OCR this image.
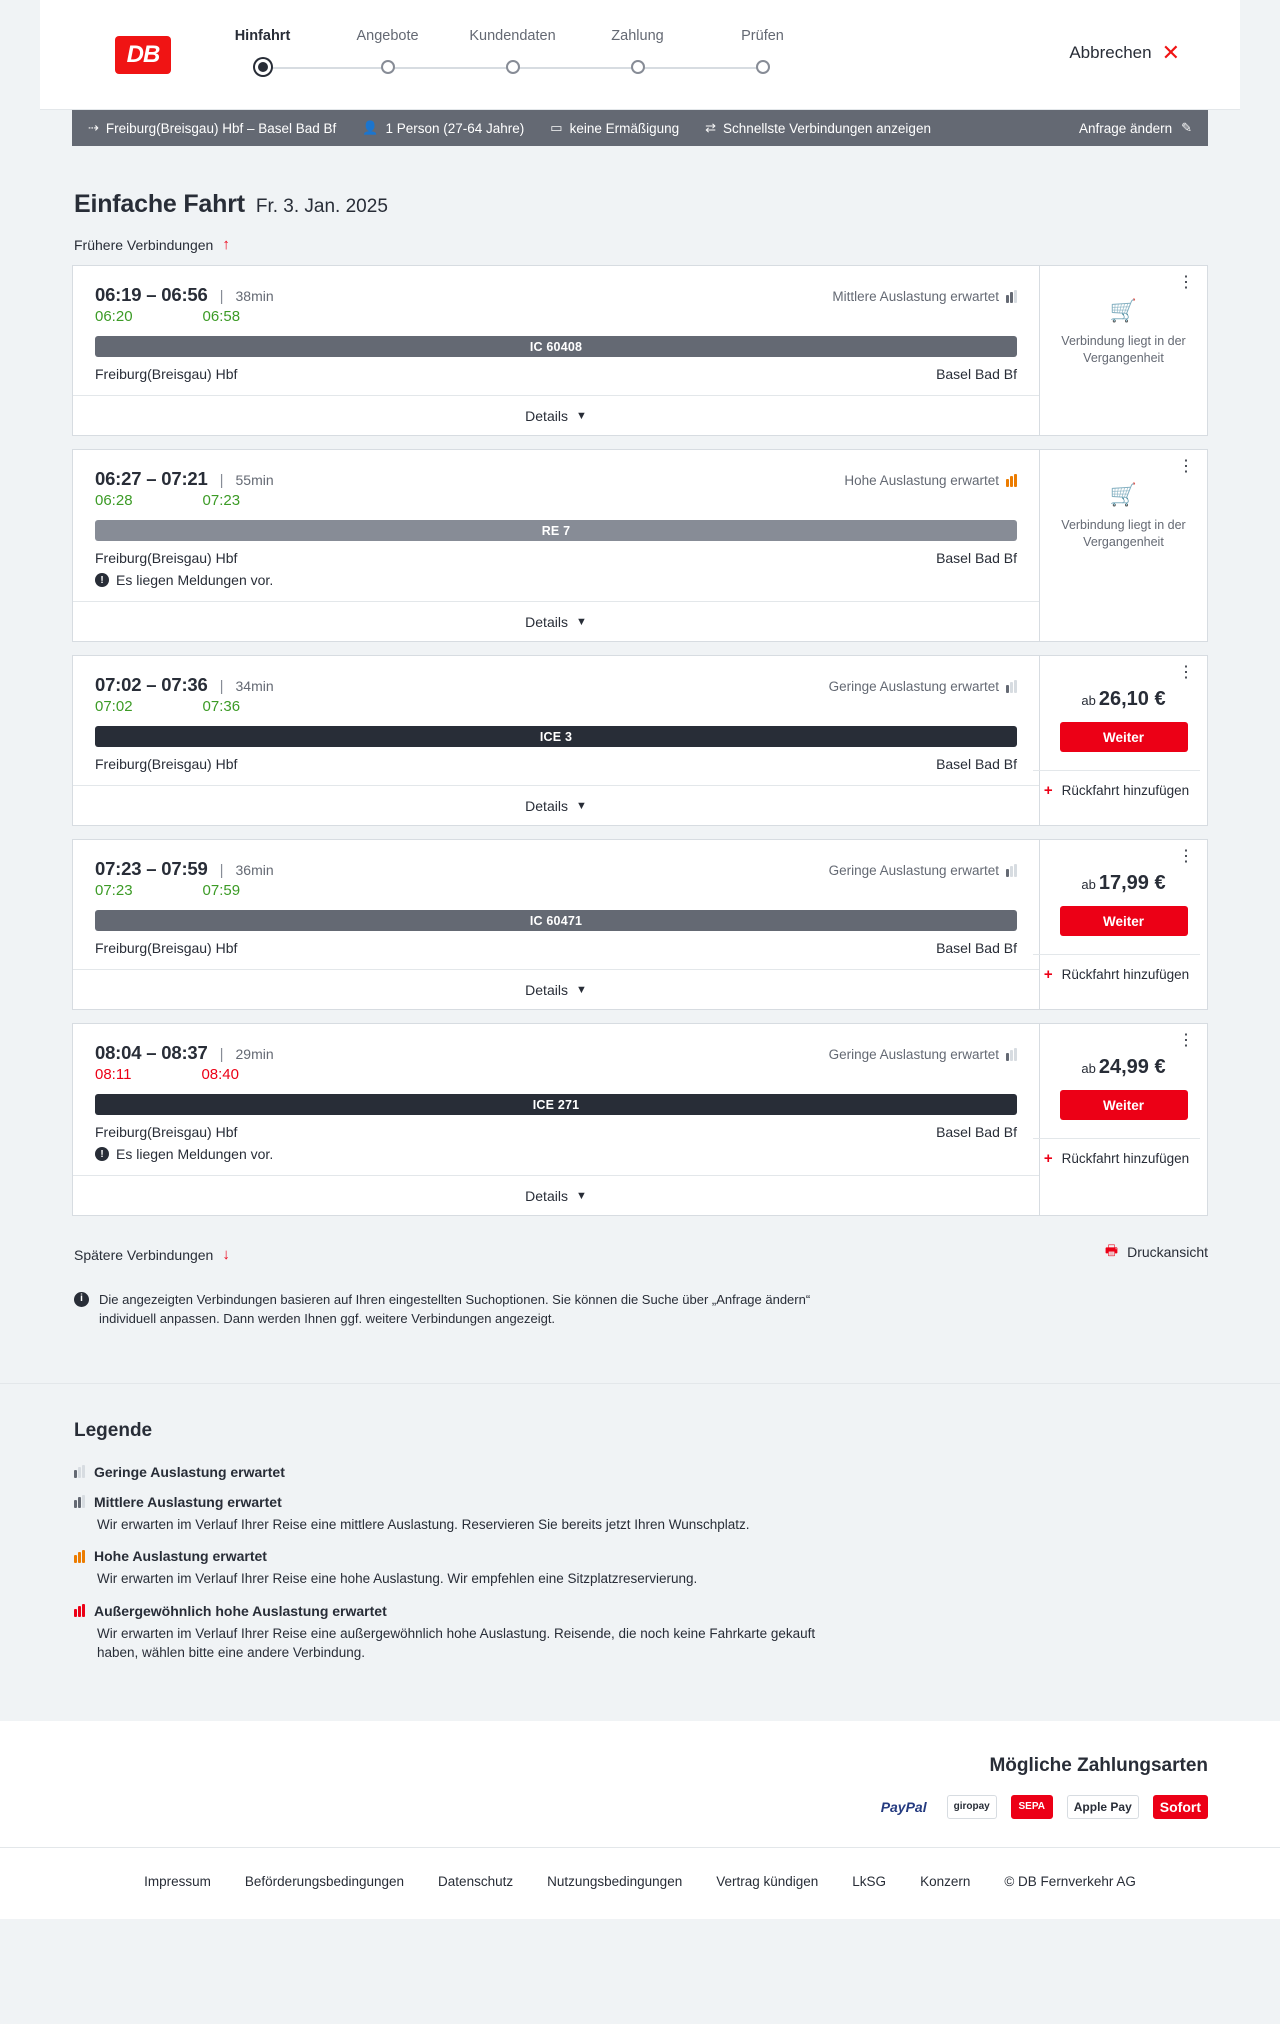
DB
Hinfahrt	Angebote	Kundendaten	Zahlung	Prüfen
Abbrechen ✕
⇢ Freiburg(Breisgau) Hbf – Basel Bad Bf 👤 1 Person (27-64 Jahre) ▭ keine Ermäßigung ⇄ Schnellste Verbindungen anzeigen	Anfrage ändern ✎
Einfache Fahrt Fr. 3. Jan. 2025
Frühere Verbindungen ↑
06:19 – 06:56 | 38min	Mittlere Auslastung erwartet
06:20	06:58
IC 60408
Freiburg(Breisgau) Hbf	Basel Bad Bf
Details ▼
⋮
🛒
Verbindung liegt in der Vergangenheit
06:27 – 07:21 | 55min	Hohe Auslastung erwartet
06:28	07:23
RE 7
Freiburg(Breisgau) Hbf	Basel Bad Bf
! Es liegen Meldungen vor.
Details ▼
⋮
🛒
Verbindung liegt in der Vergangenheit
07:02 – 07:36 | 34min	Geringe Auslastung erwartet
07:02	07:36
ICE 3
Freiburg(Breisgau) Hbf	Basel Bad Bf
Details ▼
⋮
ab 26,10 €
Weiter
+ Rückfahrt hinzufügen
07:23 – 07:59 | 36min	Geringe Auslastung erwartet
07:23	07:59
IC 60471
Freiburg(Breisgau) Hbf	Basel Bad Bf
Details ▼
⋮
ab 17,99 €
Weiter
+ Rückfahrt hinzufügen
08:04 – 08:37 | 29min	Geringe Auslastung erwartet
08:11	08:40
ICE 271
Freiburg(Breisgau) Hbf	Basel Bad Bf
! Es liegen Meldungen vor.
Details ▼
⋮
ab 24,99 €
Weiter
+ Rückfahrt hinzufügen
Spätere Verbindungen ↓	🖶 Druckansicht
i	Die angezeigten Verbindungen basieren auf Ihren eingestellten Suchoptionen. Sie können die Suche über „Anfrage ändern“ individuell anpassen. Dann werden Ihnen ggf. weitere Verbindungen angezeigt.
Legende
Geringe Auslastung erwartet
Mittlere Auslastung erwartet
Wir erwarten im Verlauf Ihrer Reise eine mittlere Auslastung. Reservieren Sie bereits jetzt Ihren Wunschplatz.
Hohe Auslastung erwartet
Wir erwarten im Verlauf Ihrer Reise eine hohe Auslastung. Wir empfehlen eine Sitzplatzreservierung.
Außergewöhnlich hohe Auslastung erwartet
Wir erwarten im Verlauf Ihrer Reise eine außergewöhnlich hohe Auslastung. Reisende, die noch keine Fahrkarte gekauft haben, wählen bitte eine andere Verbindung.
Mögliche Zahlungsarten
PayPal	giropay	SEPA	Apple Pay	Sofort
Impressum	Beförderungsbedingungen	Datenschutz	Nutzungsbedingungen	Vertrag kündigen	LkSG	Konzern	© DB Fernverkehr AG
